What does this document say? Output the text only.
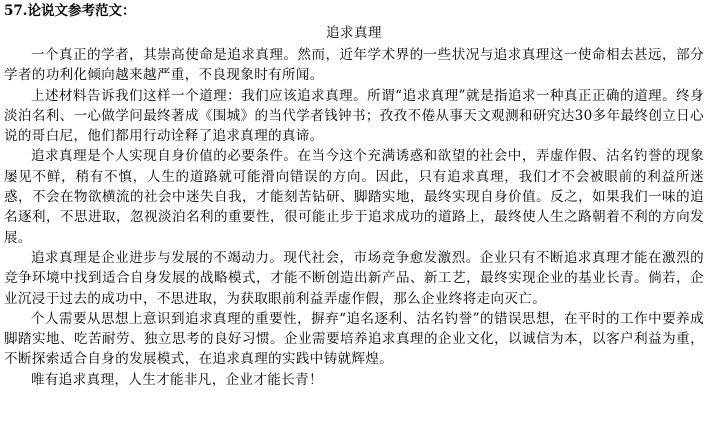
57.论说文参考范文：
追求真理

一个真正的学者，其崇高使命是追求真理。然而，近年学术界的一些状况与追求真理这一使命相去甚远，部分学者的功利化倾向越来越严重，不良现象时有所闻。

上述材料告诉我们这样一个道理：我们应该追求真理。所谓“追求真理”就是指追求一种真正正确的道理。终身淡泊名利、一心做学问最终著成《围城》的当代学者钱钟书；孜孜不倦从事天文观测和研究达30多年最终创立日心说的哥白尼，他们都用行动诠释了追求真理的真谛。

追求真理是个人实现自身价值的必要条件。在当今这个充满诱惑和欲望的社会中，弄虚作假、沽名钓誉的现象屡见不鲜，稍有不慎，人生的道路就可能滑向错误的方向。因此，只有追求真理，我们才不会被眼前的利益所迷惑，不会在物欲横流的社会中迷失自我，才能刻苦钻研、脚踏实地，最终实现自身价值。反之，如果我们一味的追名逐利，不思进取，忽视淡泊名利的重要性，很可能止步于追求成功的道路上，最终使人生之路朝着不利的方向发展。

追求真理是企业进步与发展的不竭动力。现代社会，市场竞争愈发激烈。企业只有不断追求真理才能在激烈的竞争环境中找到适合自身发展的战略模式，才能不断创造出新产品、新工艺，最终实现企业的基业长青。倘若，企业沉浸于过去的成功中，不思进取，为获取眼前利益弄虚作假，那么企业终将走向灭亡。

个人需要从思想上意识到追求真理的重要性，摒弃“追名逐利、沽名钓誉”的错误思想，在平时的工作中要养成脚踏实地、吃苦耐劳、独立思考的良好习惯。企业需要培养追求真理的企业文化，以诚信为本，以客户利益为重，不断探索适合自身的发展模式，在追求真理的实践中铸就辉煌。

唯有追求真理，人生才能非凡，企业才能长青！
